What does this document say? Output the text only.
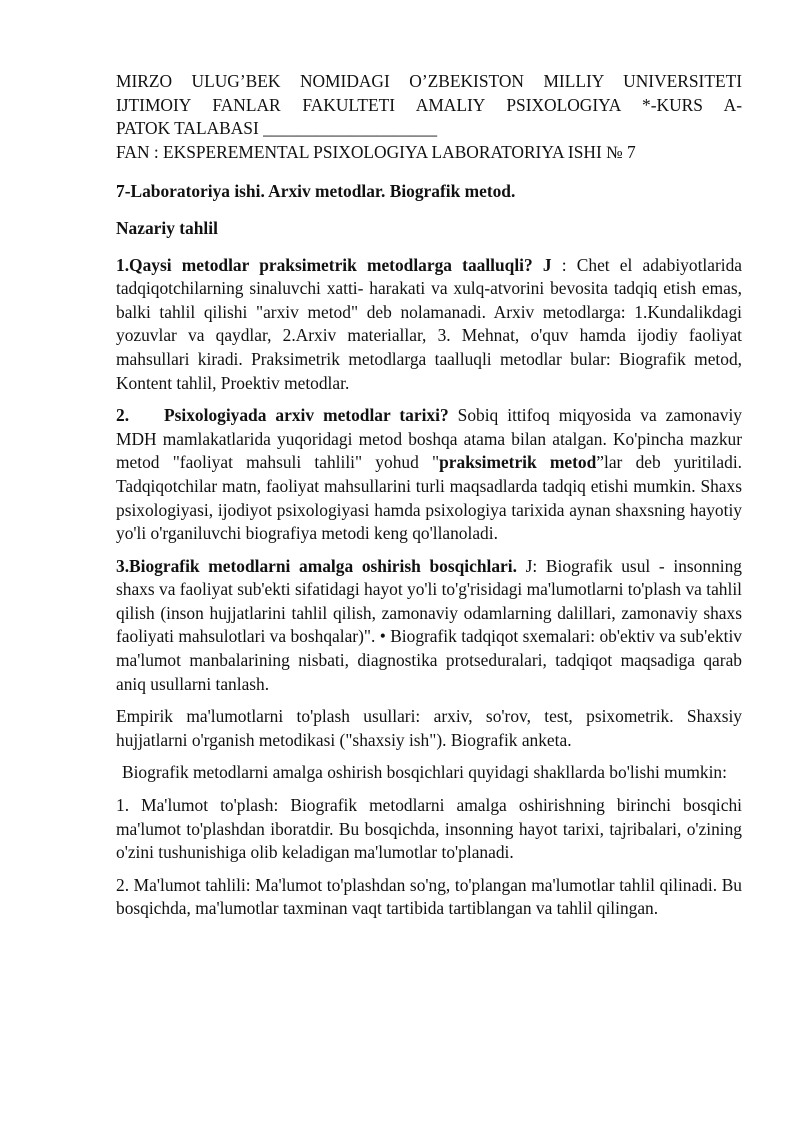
MIRZO ULUG’BEK NOMIDAGI O’ZBEKISTON MILLIY UNIVERSITETI
IJTIMOIY FANLAR FAKULTETI AMALIY PSIXOLOGIYA *-KURS A-
PATOK TALABASI ____________________
FAN : EKSPEREMENTAL PSIXOLOGIYA LABORATORIYA ISHI № 7
7-Laboratoriya ishi. Arxiv metodlar. Biografik metod.
Nazariy tahlil
1.Qaysi metodlar praksimetrik metodlarga taalluqli? J : Chet el adabiyotlarida tadqiqotchilarning sinaluvchi xatti- harakati va xulq-atvorini bevosita tadqiq etish emas, balki tahlil qilishi "arxiv metod" deb nolamanadi. Arxiv metodlarga: 1.Kundalikdagi yozuvlar va qaydlar, 2.Arxiv materiallar, 3. Mehnat, o'quv hamda ijodiy faoliyat mahsullari kiradi. Praksimetrik metodlarga taalluqli metodlar bular: Biografik metod, Kontent tahlil, Proektiv metodlar.
2. Psixologiyada arxiv metodlar tarixi? Sobiq ittifoq miqyosida va zamonaviy MDH mamlakatlarida yuqoridagi metod boshqa atama bilan atalgan. Ko'pincha mazkur metod "faoliyat mahsuli tahlili" yohud "praksimetrik metod”lar deb yuritiladi. Tadqiqotchilar matn, faoliyat mahsullarini turli maqsadlarda tadqiq etishi mumkin. Shaxs psixologiyasi, ijodiyot psixologiyasi hamda psixologiya tarixida aynan shaxsning hayotiy yo'li o'rganiluvchi biografiya metodi keng qo'llanoladi.
3.Biografik metodlarni amalga oshirish bosqichlari. J: Biografik usul - insonning shaxs va faoliyat sub'ekti sifatidagi hayot yo'li to'g'risidagi ma'lumotlarni to'plash va tahlil qilish (inson hujjatlarini tahlil qilish, zamonaviy odamlarning dalillari, zamonaviy shaxs faoliyati mahsulotlari va boshqalar)". • Biografik tadqiqot sxemalari: ob'ektiv va sub'ektiv ma'lumot manbalarining nisbati, diagnostika protseduralari, tadqiqot maqsadiga qarab aniq usullarni tanlash.
Empirik ma'lumotlarni to'plash usullari: arxiv, so'rov, test, psixometrik. Shaxsiy hujjatlarni o'rganish metodikasi ("shaxsiy ish"). Biografik anketa.
Biografik metodlarni amalga oshirish bosqichlari quyidagi shakllarda bo'lishi mumkin:
1. Ma'lumot to'plash: Biografik metodlarni amalga oshirishning birinchi bosqichi ma'lumot to'plashdan iboratdir. Bu bosqichda, insonning hayot tarixi, tajribalari, o'zining o'zini tushunishiga olib keladigan ma'lumotlar to'planadi.
2. Ma'lumot tahlili: Ma'lumot to'plashdan so'ng, to'plangan ma'lumotlar tahlil qilinadi. Bu bosqichda, ma'lumotlar taxminan vaqt tartibida tartiblangan va tahlil qilingan.
